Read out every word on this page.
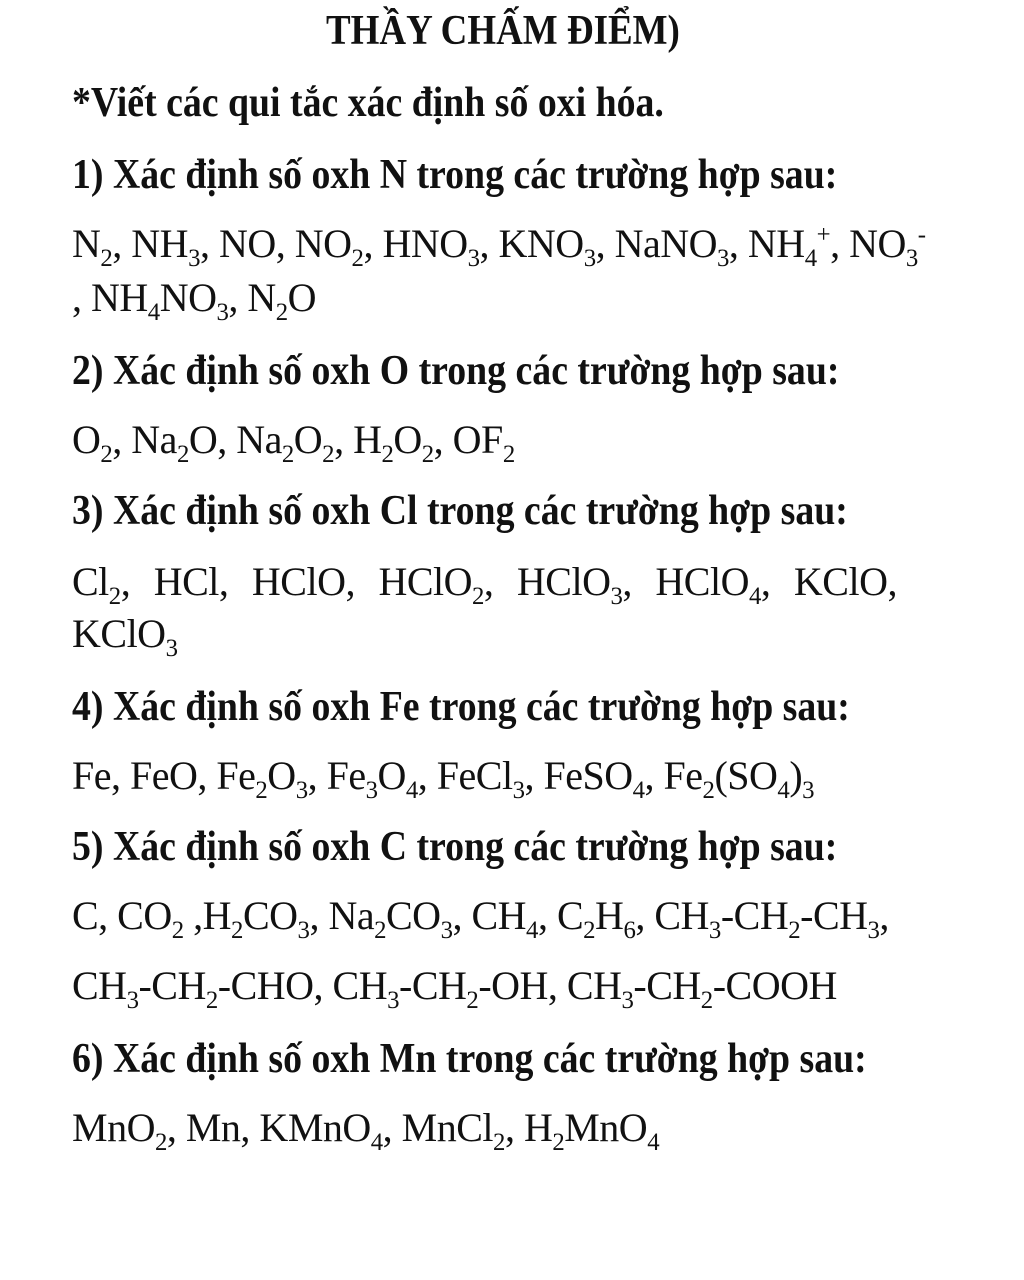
THẦY CHẤM ĐIỂM)
*Viết các qui tắc xác định số oxi hóa.
1) Xác định số oxh N trong các trường hợp sau:
$N_2$, $NH_3$, NO, $NO_2$, $HNO_3$, $KNO_3$, NaNO$_3$, $NH_4^+$, $NO_3^-$
, $NH_4NO_3$, $N_2O$
2) Xác định số oxh O trong các trường hợp sau:
$O_2$, $Na_2O$, $Na_2O_2$, $H_2O_2$, $OF_2$
3) Xác định số oxh Cl trong các trường hợp sau:
$Cl_2$, HCl, HClO, HClO$_2$, HClO$_3$, HClO$_4$, KClO,
KClO$_3$
4) Xác định số oxh Fe trong các trường hợp sau:
Fe, FeO, $Fe_2O_3$, $Fe_3O_4$, FeCl$_3$, FeSO$_4$, $Fe_2(SO_4)_3$
5) Xác định số oxh C trong các trường hợp sau:
C, $CO_2$ $,H_2CO_3$, $Na_2CO_3$, $CH_4$, $C_2H_6$, $CH_3-CH_2-CH_3$,
$CH_3-CH_2$-CHO, $CH_3-CH_2-OH$, $CH_3-CH_2$-COOH
6) Xác định số oxh Mn trong các trường hợp sau:
MnO$_2$, Mn, KMnO$_4$, MnCl$_2$, $H_2MnO_4$
